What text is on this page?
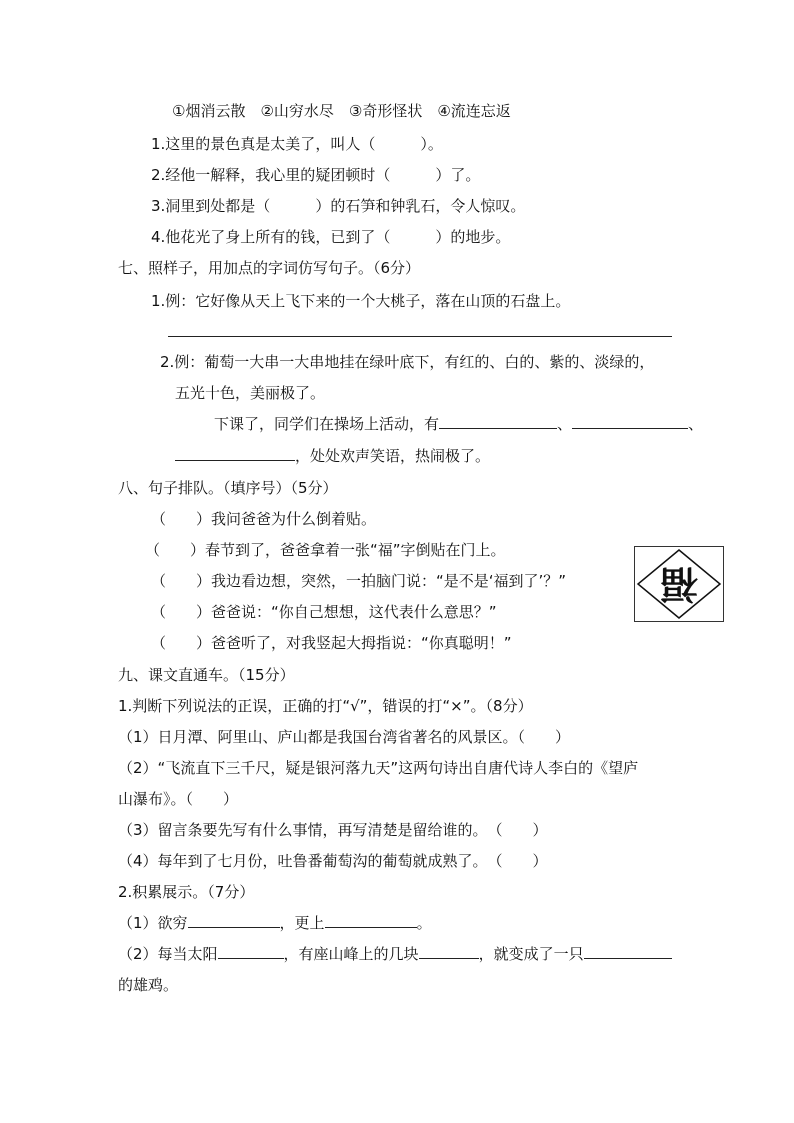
①烟消云散　②山穷水尽　③奇形怪状　④流连忘返
1.这里的景色真是太美了，叫人（　　　）。
2.经他一解释，我心里的疑团顿时（　　　）了。
3.洞里到处都是（　　　）的石笋和钟乳石，令人惊叹。
4.他花光了身上所有的钱，已到了（　　　）的地步。
七、照样子，用加点的字词仿写句子。（6分）
1.例：它好像从天上飞下来的一个大桃子，落在山顶的石盘上。
2.例：葡萄一大串一大串地挂在绿叶底下，有红的、白的、紫的、淡绿的，
五光十色，美丽极了。
下课了，同学们在操场上活动，有	、	、
，处处欢声笑语，热闹极了。
八、句子排队。（填序号）（5分）
（　　）我问爸爸为什么倒着贴。
（　　）春节到了，爸爸拿着一张“福”字倒贴在门上。
（　　）我边看边想，突然，一拍脑门说：“是不是‘福到了’？”
（　　）爸爸说：“你自己想想，这代表什么意思？”
（　　）爸爸听了，对我竖起大拇指说：“你真聪明！”
福
九、课文直通车。（15分）
1.判断下列说法的正误，正确的打“√”，错误的打“×”。（8分）
（1）日月潭、阿里山、庐山都是我国台湾省著名的风景区。（　　）
（2）“飞流直下三千尺，疑是银河落九天”这两句诗出自唐代诗人李白的《望庐
山瀑布》。（　　）
（3）留言条要先写有什么事情，再写清楚是留给谁的。　（　　）
（4）每年到了七月份，吐鲁番葡萄沟的葡萄就成熟了。　（　　）
2.积累展示。（7分）
（1）欲穷	，更上	。
（2）每当太阳	，有座山峰上的几块	，就变成了一只
的雄鸡。
